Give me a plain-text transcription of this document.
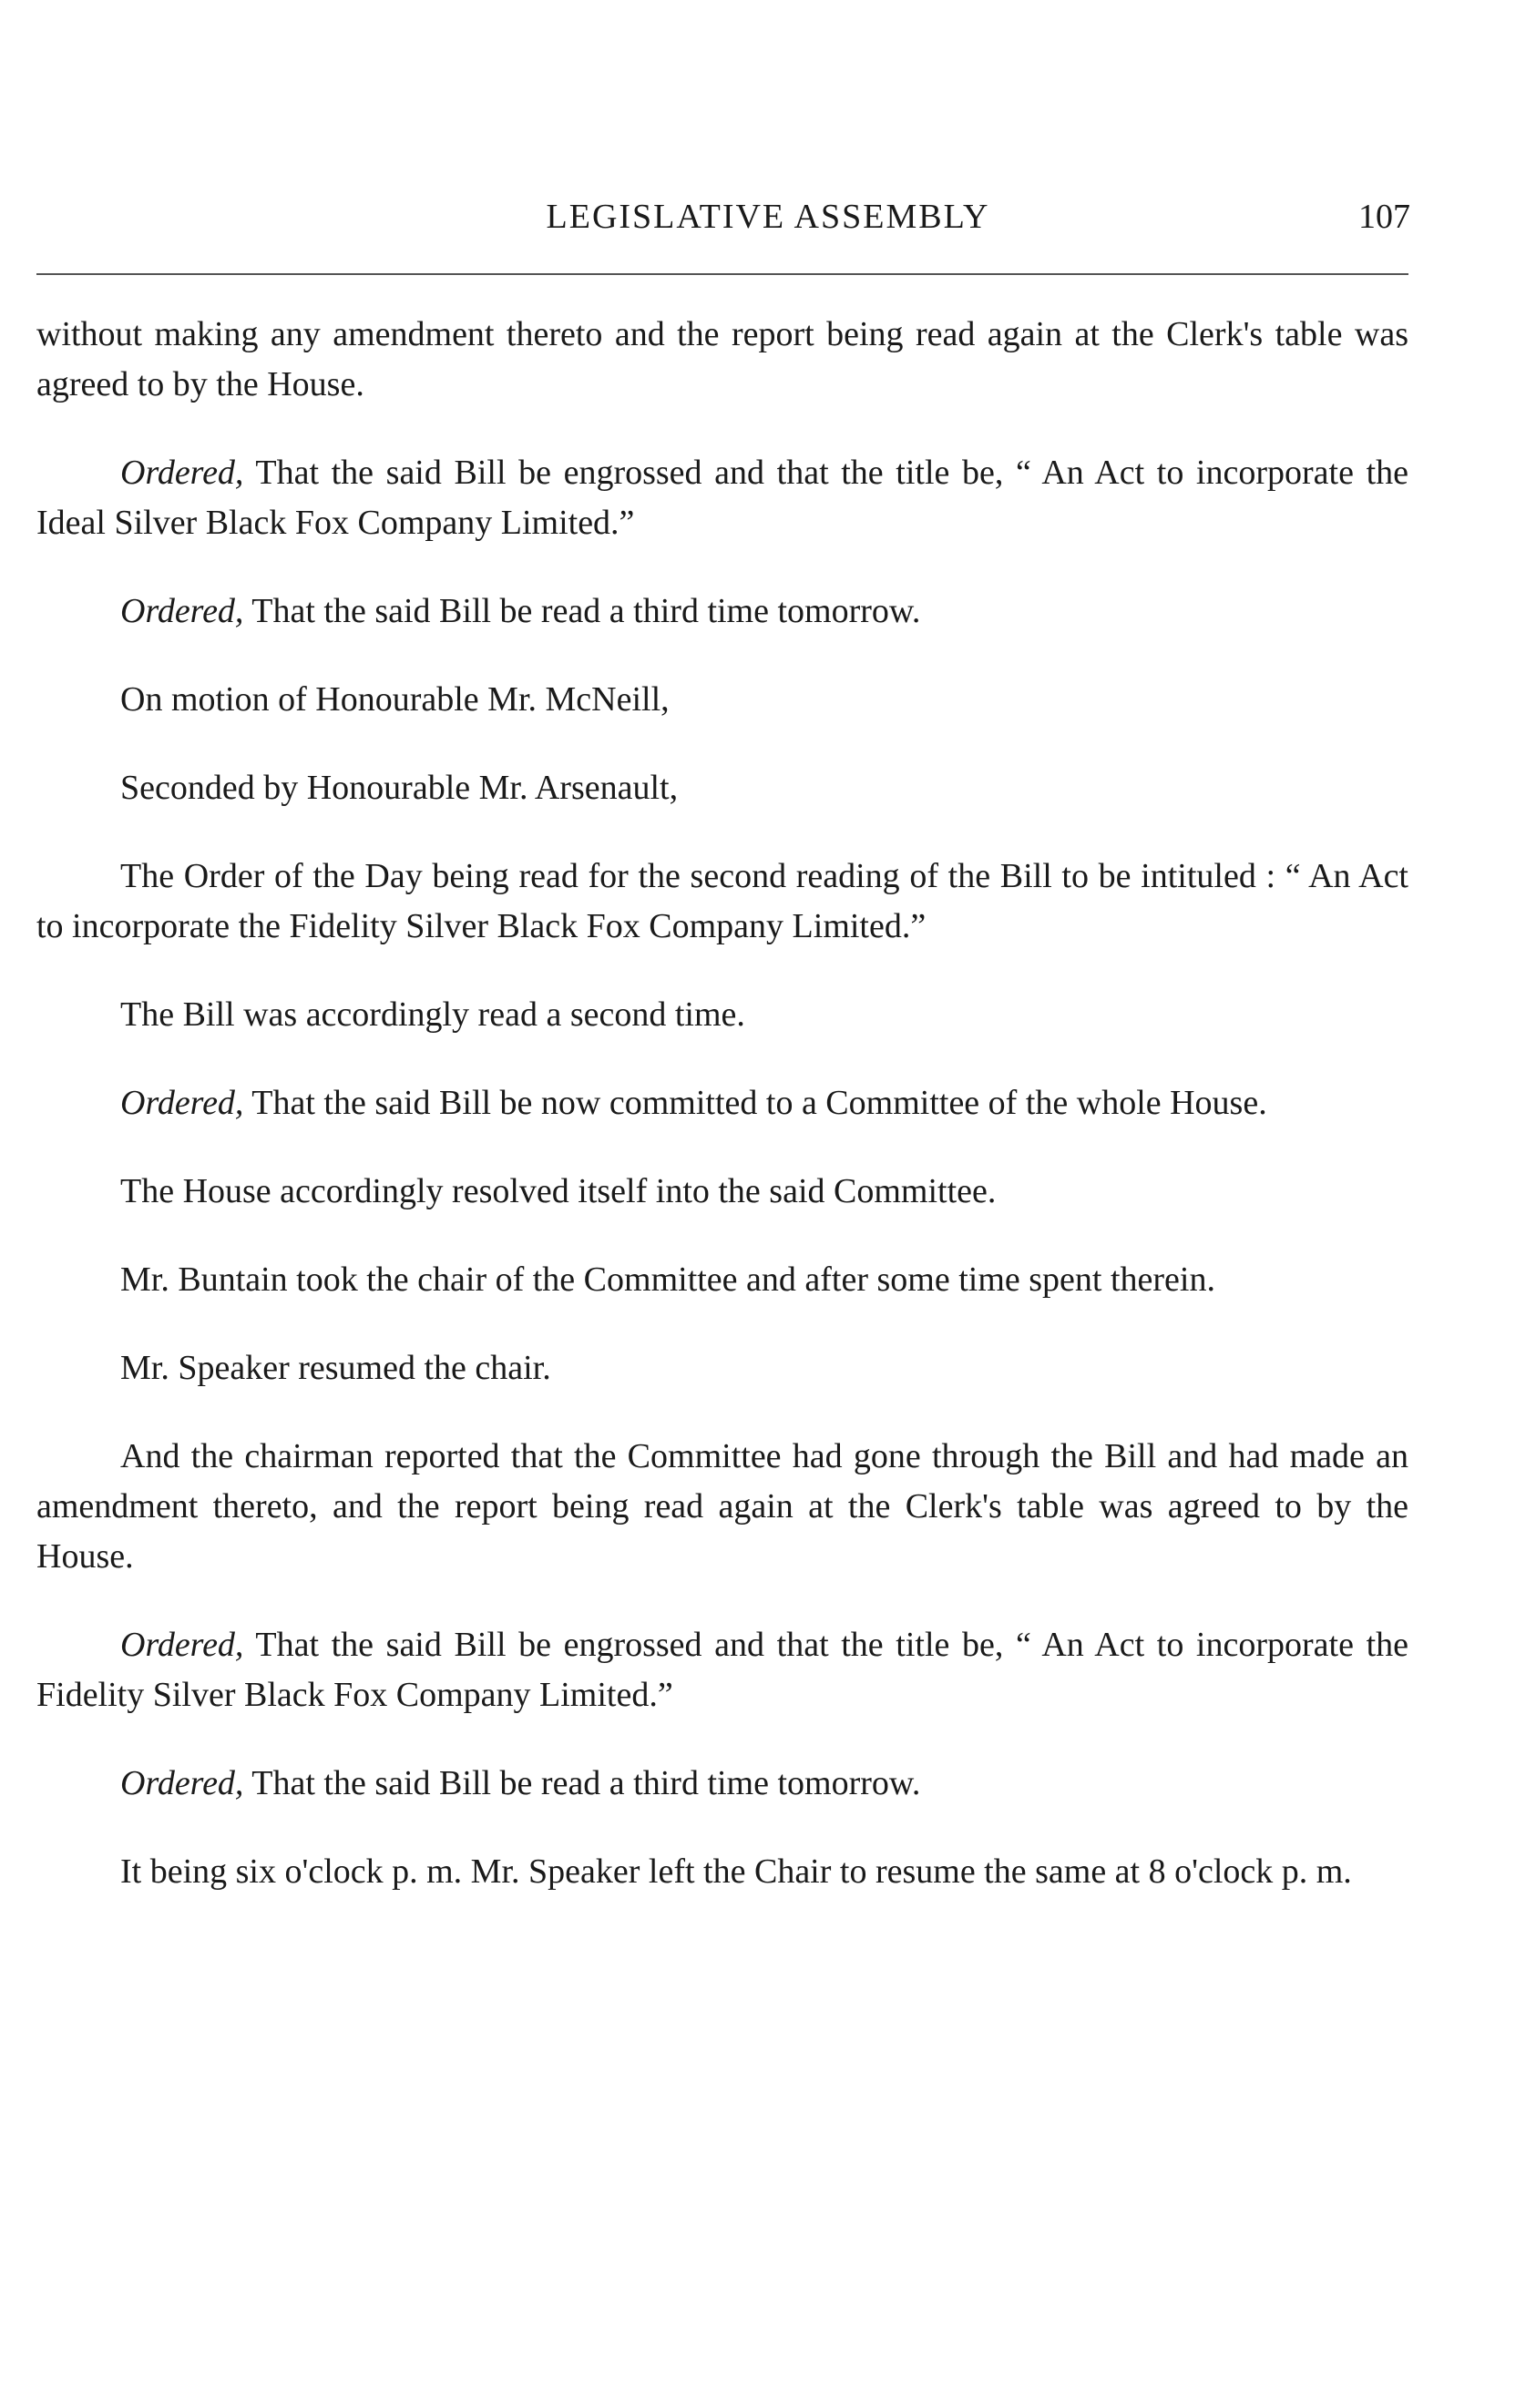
LEGISLATIVE ASSEMBLY	107

without making any amendment thereto and the report being read again at the Clerk's table was agreed to by the House.

Ordered, That the said Bill be engrossed and that the title be, “ An Act to incorporate the Ideal Silver Black Fox Company Limited.”

Ordered, That the said Bill be read a third time tomorrow.

On motion of Honourable Mr. McNeill,

Seconded by Honourable Mr. Arsenault,

The Order of the Day being read for the second reading of the Bill to be intituled : “ An Act to incorporate the Fidelity Silver Black Fox Company Limited.”

The Bill was accordingly read a second time.

Ordered, That the said Bill be now committed to a Committee of the whole House.

The House accordingly resolved itself into the said Committee.

Mr. Buntain took the chair of the Committee and after some time spent therein.

Mr. Speaker resumed the chair.

And the chairman reported that the Committee had gone through the Bill and had made an amendment thereto, and the report being read again at the Clerk's table was agreed to by the House.

Ordered, That the said Bill be engrossed and that the title be, “ An Act to incorporate the Fidelity Silver Black Fox Company Limited.”

Ordered, That the said Bill be read a third time tomorrow.

It being six o'clock p. m. Mr. Speaker left the Chair to resume the same at 8 o'clock p. m.
